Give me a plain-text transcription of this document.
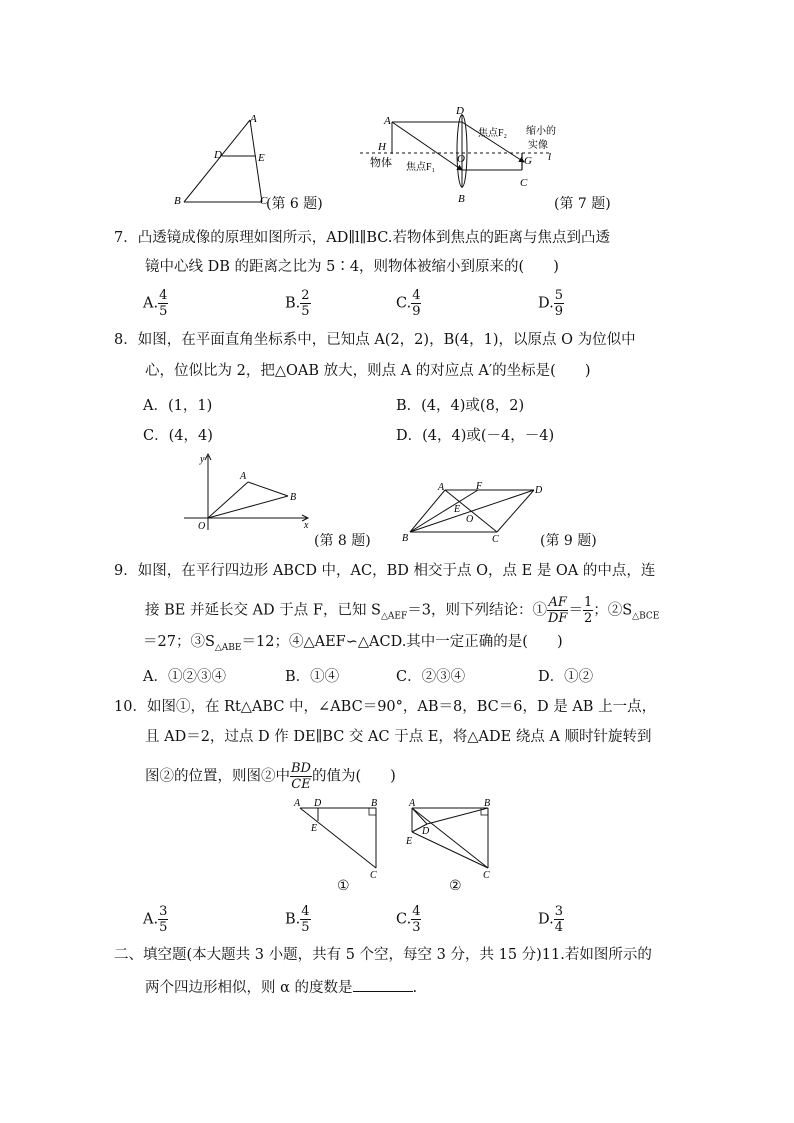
A
D	E
B	C
(第 6 题)
A
D
H
O
B
G
C
l
物体 焦点F₁
焦点F₂ 缩小的
实像
(第 7 题)
7．凸透镜成像的原理如图所示，AD∥l∥BC.若物体到焦点的距离与焦点到凸透
镜中心线 DB 的距离之比为 5∶4，则物体被缩小到原来的(　　)
A. $\frac{4}{5}$	B. $\frac{2}{5}$	C. $\frac{4}{9}$	D. $\frac{5}{9}$
8．如图，在平面直角坐标系中，已知点 A(2，2)，B(4，1)，以原点 O 为位似中
心，位似比为 2，把△OAB 放大，则点 A 的对应点 A′的坐标是(　　)
A．(1，1)	B．(4，4)或(8，2)
C．(4，4)	D．(4，4)或(－4，－4)
y
x
O
A
B
(第 8 题)
A	F	D
E
O
B	C	(第 9 题)
9．如图，在平行四边形 ABCD 中，AC，BD 相交于点 O，点 E 是 OA 的中点，连
接 BE 并延长交 AD 于点 F，已知 $S_{\triangle AEF}=3$，则下列结论：① $\frac{AF}{DF} = \frac{1}{2}$ ；$②S_{\triangle BCE}$
＝27；$③S_{\triangle ABE}=12$；④△AEF∽△ACD.其中一定正确的是(　　)
A．①②③④	B．①④	C．②③④	D．①②
10．如图①，在 Rt△ABC 中，∠ABC＝90°，AB＝8，BC＝6，D 是 AB 上一点，
且 AD＝2，过点 D 作 DE∥BC 交 AC 于点 E，将△ADE 绕点 A 顺时针旋转到
图②的位置，则图②中 $\frac{BD}{CE}$ 的值为(　　)
A D	B
E
C
①
A	B
D
E
C
②
A. $\frac{3}{5}$	B. $\frac{4}{5}$	C. $\frac{4}{3}$	D. $\frac{3}{4}$
二、填空题(本大题共 3 小题，共有 5 个空，每空 3 分，共 15 分)11.若如图所示的
两个四边形相似，则 α 的度数是	.
